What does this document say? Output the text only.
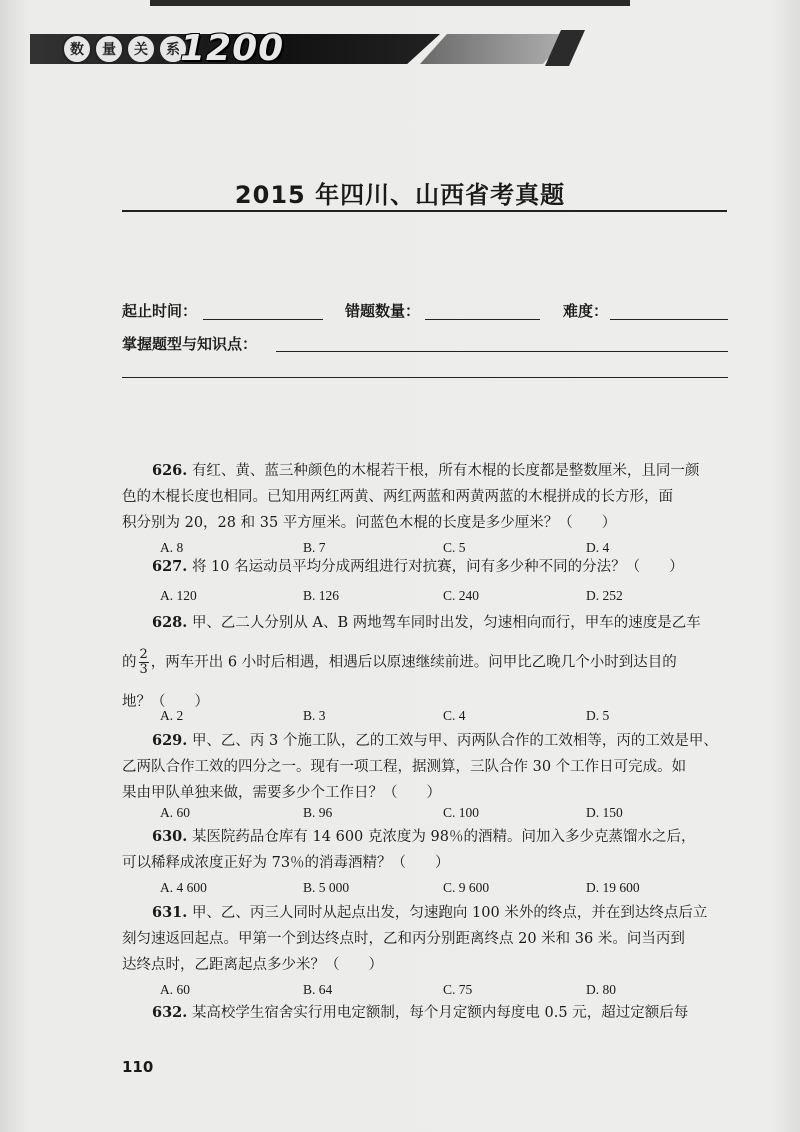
数	量	关	系 1200
2015 年四川、山西省考真题
起止时间：	错题数量：	难度：
掌握题型与知识点：
626. 有红、黄、蓝三种颜色的木棍若干根，所有木棍的长度都是整数厘米，且同一颜
色的木棍长度也相同。已知用两红两黄、两红两蓝和两黄两蓝的木棍拼成的长方形，面
积分别为 20，28 和 35 平方厘米。问蓝色木棍的长度是多少厘米？（　　）
A. 8	B. 7	C. 5	D. 4
627. 将 10 名运动员平均分成两组进行对抗赛，问有多少种不同的分法？（　　）
A. 120	B. 126	C. 240	D. 252
628. 甲、乙二人分别从 A、B 两地驾车同时出发，匀速相向而行，甲车的速度是乙车
的 $\frac{2}{3}$ ，两车开出 6 小时后相遇，相遇后以原速继续前进。问甲比乙晚几个小时到达目的
地？（　　）
A. 2	B. 3	C. 4	D. 5
629. 甲、乙、丙 3 个施工队，乙的工效与甲、丙两队合作的工效相等，丙的工效是甲、
乙两队合作工效的四分之一。现有一项工程，据测算，三队合作 30 个工作日可完成。如
果由甲队单独来做，需要多少个工作日？（　　）
A. 60	B. 96	C. 100	D. 150
630. 某医院药品仓库有 14 600 克浓度为 98％的酒精。问加入多少克蒸馏水之后，
可以稀释成浓度正好为 73％的消毒酒精？（　　）
A. 4 600	B. 5 000	C. 9 600	D. 19 600
631. 甲、乙、丙三人同时从起点出发，匀速跑向 100 米外的终点，并在到达终点后立
刻匀速返回起点。甲第一个到达终点时，乙和丙分别距离终点 20 米和 36 米。问当丙到
达终点时，乙距离起点多少米？（　　）
A. 60	B. 64	C. 75	D. 80
632. 某高校学生宿舍实行用电定额制，每个月定额内每度电 0.5 元，超过定额后每
110
